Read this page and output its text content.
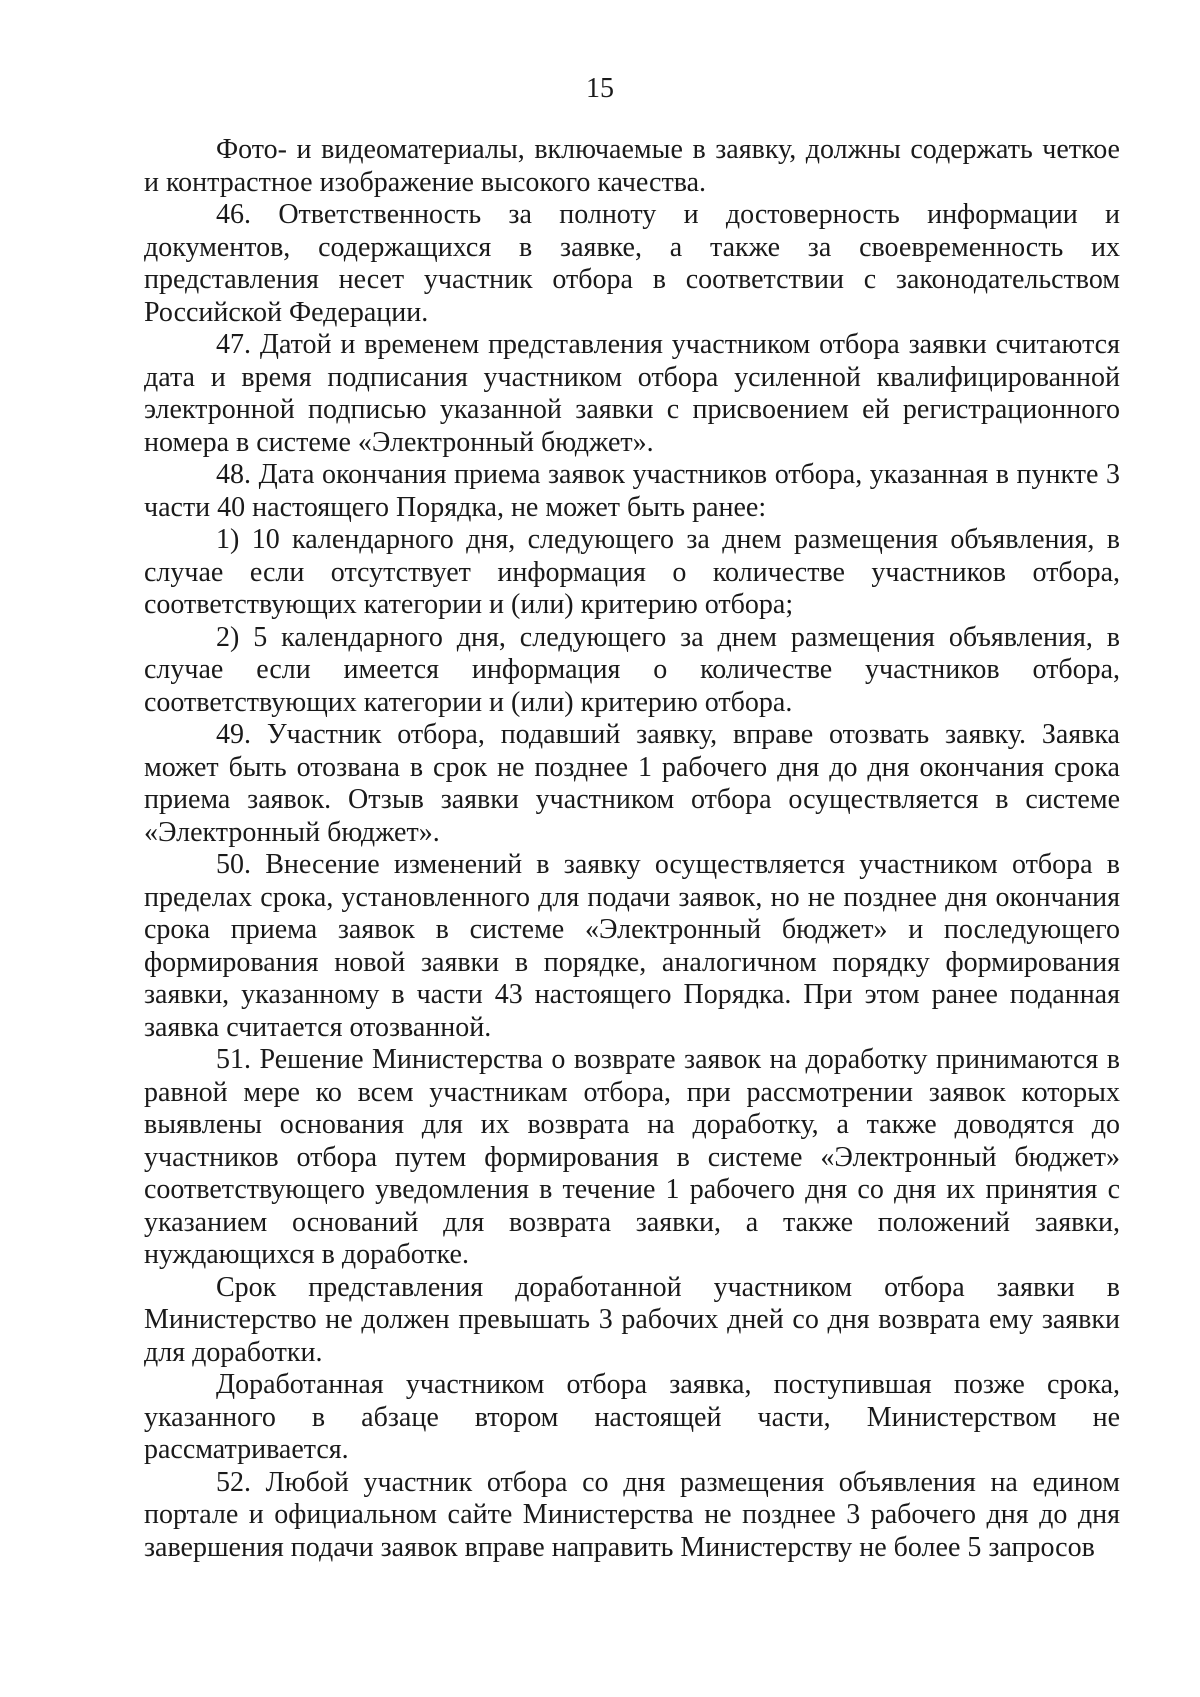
15

Фото- и видеоматериалы, включаемые в заявку, должны содержать четкое и контрастное изображение высокого качества.

46. Ответственность за полноту и достоверность информации и документов, содержащихся в заявке, а также за своевременность их представления несет участник отбора в соответствии с законодательством Российской Федерации.

47. Датой и временем представления участником отбора заявки считаются дата и время подписания участником отбора усиленной квалифицированной электронной подписью указанной заявки с присвоением ей регистрационного номера в системе «Электронный бюджет».

48. Дата окончания приема заявок участников отбора, указанная в пункте 3 части 40 настоящего Порядка, не может быть ранее:

1) 10 календарного дня, следующего за днем размещения объявления, в случае если отсутствует информация о количестве участников отбора, соответствующих категории и (или) критерию отбора;

2) 5 календарного дня, следующего за днем размещения объявления, в случае если имеется информация о количестве участников отбора, соответствующих категории и (или) критерию отбора.

49. Участник отбора, подавший заявку, вправе отозвать заявку. Заявка может быть отозвана в срок не позднее 1 рабочего дня до дня окончания срока приема заявок. Отзыв заявки участником отбора осуществляется в системе «Электронный бюджет».

50. Внесение изменений в заявку осуществляется участником отбора в пределах срока, установленного для подачи заявок, но не позднее дня окончания срока приема заявок в системе «Электронный бюджет» и последующего формирования новой заявки в порядке, аналогичном порядку формирования заявки, указанному в части 43 настоящего Порядка. При этом ранее поданная заявка считается отозванной.

51. Решение Министерства о возврате заявок на доработку принимаются в равной мере ко всем участникам отбора, при рассмотрении заявок которых выявлены основания для их возврата на доработку, а также доводятся до участников отбора путем формирования в системе «Электронный бюджет» соответствующего уведомления в течение 1 рабочего дня со дня их принятия с указанием оснований для возврата заявки, а также положений заявки, нуждающихся в доработке.

Срок представления доработанной участником отбора заявки в Министерство не должен превышать 3 рабочих дней со дня возврата ему заявки для доработки.

Доработанная участником отбора заявка, поступившая позже срока, указанного в абзаце втором настоящей части, Министерством не рассматривается.

52. Любой участник отбора со дня размещения объявления на едином портале и официальном сайте Министерства не позднее 3 рабочего дня до дня завершения подачи заявок вправе направить Министерству не более 5 запросов
